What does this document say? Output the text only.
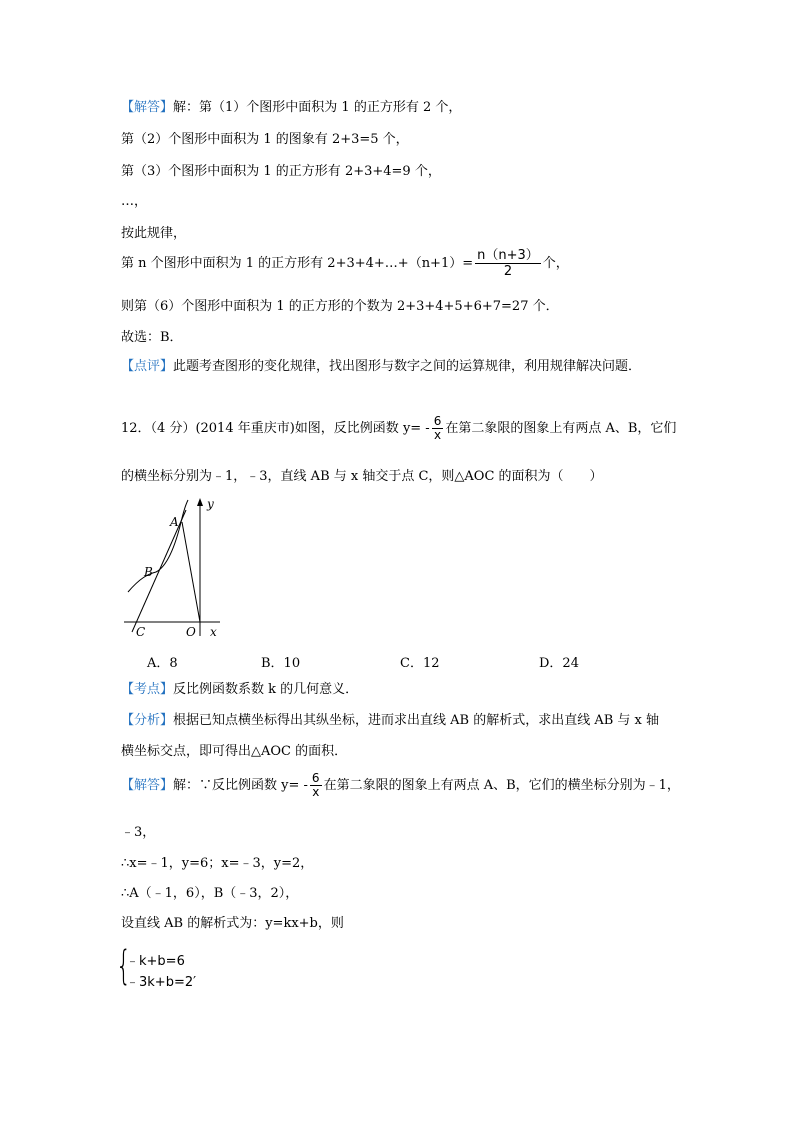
【解答】解：第（1）个图形中面积为 1 的正方形有 2 个，
第（2）个图形中面积为 1 的图象有 2+3=5 个，
第（3）个图形中面积为 1 的正方形有 2+3+4=9 个，
…，
按此规律，
第 n 个图形中面积为 1 的正方形有 2+3+4+…+（n+1）= $\frac{n(n+3)}{2}$ 个，
则第（6）个图形中面积为 1 的正方形的个数为 2+3+4+5+6+7=27 个．
故选：B．
【点评】此题考查图形的变化规律，找出图形与数字之间的运算规律，利用规律解决问题．
12．（4 分）(2014 年重庆市)如图，反比例函数 $y= - \frac{6}{x}$ 在第二象限的图象上有两点 A、B，它们
的横坐标分别为﹣1，﹣3，直线 AB 与 x 轴交于点 C，则△AOC 的面积为（　　）
y
x
A
B
C	O
A．8	B．10	C．12	D．24
【考点】反比例函数系数 k 的几何意义．
【分析】根据已知点横坐标得出其纵坐标，进而求出直线 AB 的解析式，求出直线 AB 与 x 轴
横坐标交点，即可得出△AOC 的面积．
【解答】解：∵反比例函数 $y= - \frac{6}{x}$ 在第二象限的图象上有两点 A、B，它们的横坐标分别为﹣1，
﹣3，
∴x=﹣1，y=6；x=﹣3，y=2，
∴A（﹣1，6），B（﹣3，2），
设直线 AB 的解析式为：y=kx+b，则
{
﹣k+b=6
﹣3k+b=2′
